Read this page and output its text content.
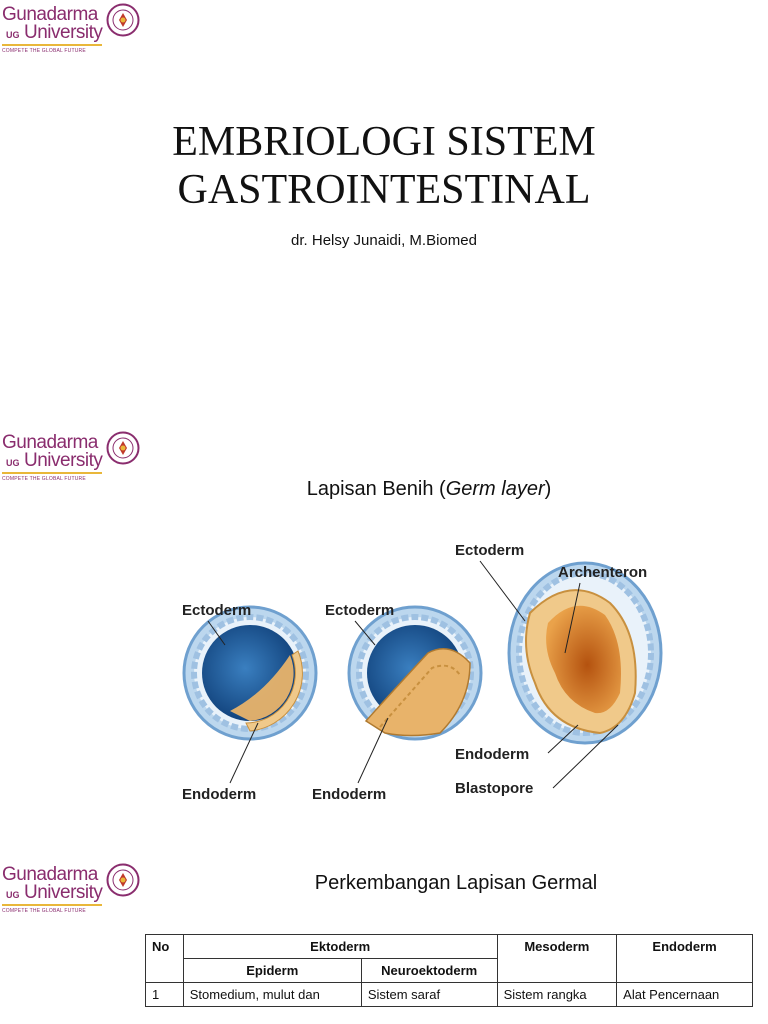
Gunadarma
UG University
COMPETE THE GLOBAL FUTURE
EMBRIOLOGI SISTEM
GASTROINTESTINAL
dr. Helsy Junaidi, M.Biomed
Gunadarma
UG University
COMPETE THE GLOBAL FUTURE	Lapisan Benih (Germ layer)
Ectoderm
Endoderm
Ectoderm
Endoderm
Ectoderm
Archenteron
Endoderm
Blastopore
Gunadarma
UG University
COMPETE THE GLOBAL FUTURE
Perkembangan Lapisan Germal
No	Ektoderm		Mesoderm	Endoderm
	Epiderm	Neuroektoderm		
1	Stomedium, mulut dan	Sistem saraf	Sistem rangka	Alat Pencernaan
